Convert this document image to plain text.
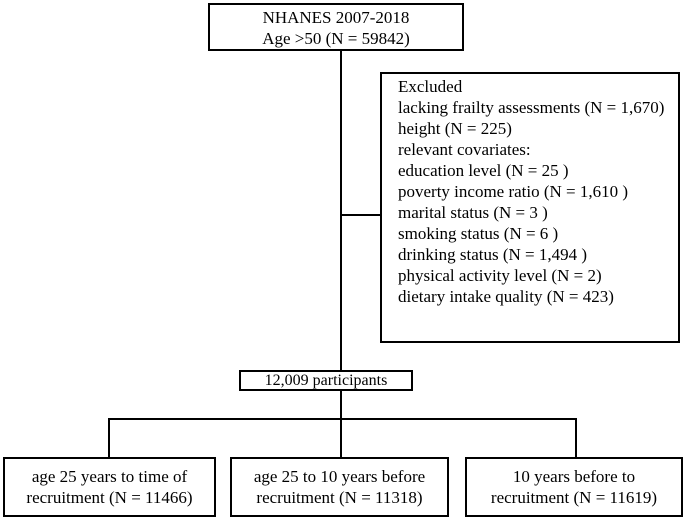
NHANES 2007-2018
Age >50 (N = 59842)
Excluded
lacking frailty assessments (N = 1,670)
height (N = 225)
relevant covariates:
education level (N = 25 )
poverty income ratio (N = 1,610 )
marital status (N = 3 )
smoking status (N = 6 )
drinking status (N = 1,494 )
physical activity level (N = 2)
dietary intake quality (N = 423)
12,009 participants
age 25 years to time of
recruitment (N = 11466)
age 25 to 10 years before
recruitment (N = 11318)
10 years before to
recruitment (N = 11619)
